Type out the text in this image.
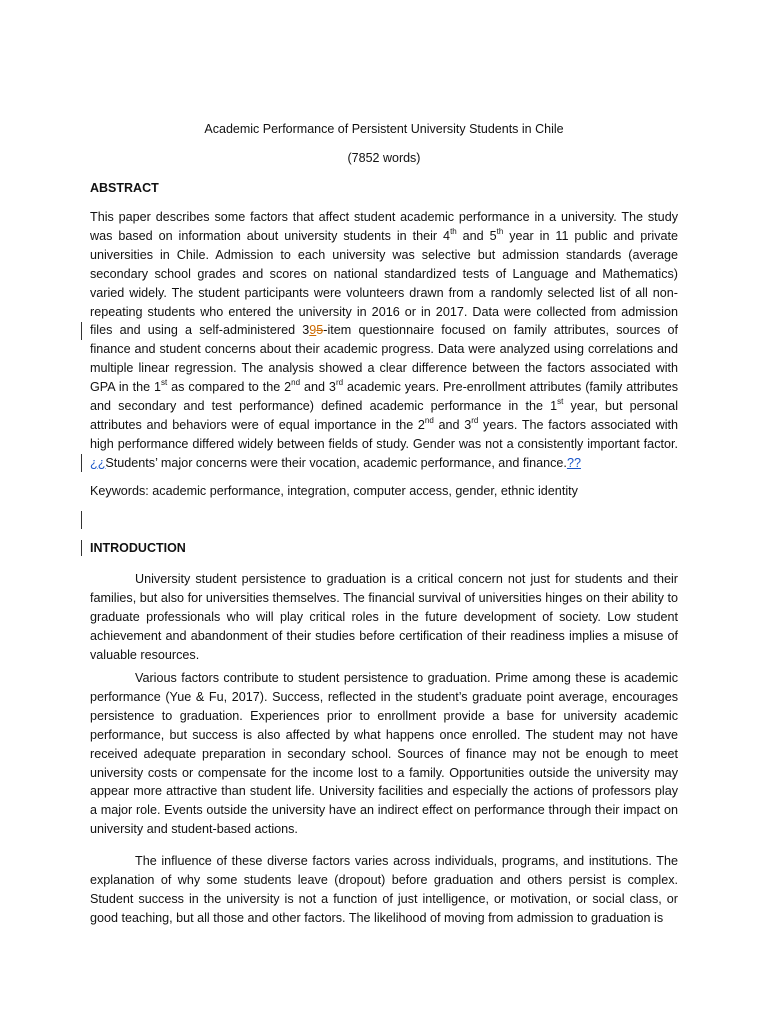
Academic Performance of Persistent University Students in Chile
(7852 words)
ABSTRACT

This paper describes some factors that affect student academic performance in a university. The study was based on information about university students in their 4th and 5th year in 11 public and private universities in Chile. Admission to each university was selective but admission standards (average secondary school grades and scores on national standardized tests of Language and Mathematics) varied widely. The student participants were volunteers drawn from a randomly selected list of all non-repeating students who entered the university in 2016 or in 2017. Data were collected from admission files and using a self-administered 395-item questionnaire focused on family attributes, sources of finance and student concerns about their academic progress. Data were analyzed using correlations and multiple linear regression. The analysis showed a clear difference between the factors associated with GPA in the 1st as compared to the 2nd and 3rd academic years. Pre-enrollment attributes (family attributes and secondary and test performance) defined academic performance in the 1st year, but personal attributes and behaviors were of equal importance in the 2nd and 3rd years. The factors associated with high performance differed widely between fields of study. Gender was not a consistently important factor. ¿¿Students’ major concerns were their vocation, academic performance, and finance.??

Keywords: academic performance, integration, computer access, gender, ethnic identity

INTRODUCTION

University student persistence to graduation is a critical concern not just for students and their families, but also for universities themselves. The financial survival of universities hinges on their ability to graduate professionals who will play critical roles in the future development of society. Low student achievement and abandonment of their studies before certification of their readiness implies a misuse of valuable resources.

Various factors contribute to student persistence to graduation. Prime among these is academic performance (Yue & Fu, 2017). Success, reflected in the student’s graduate point average, encourages persistence to graduation. Experiences prior to enrollment provide a base for university academic performance, but success is also affected by what happens once enrolled. The student may not have received adequate preparation in secondary school. Sources of finance may not be enough to meet university costs or compensate for the income lost to a family. Opportunities outside the university may appear more attractive than student life. University facilities and especially the actions of professors play a major role. Events outside the university have an indirect effect on performance through their impact on university and student-based actions.

The influence of these diverse factors varies across individuals, programs, and institutions. The explanation of why some students leave (dropout) before graduation and others persist is complex. Student success in the university is not a function of just intelligence, or motivation, or social class, or good teaching, but all those and other factors. The likelihood of moving from admission to graduation is
